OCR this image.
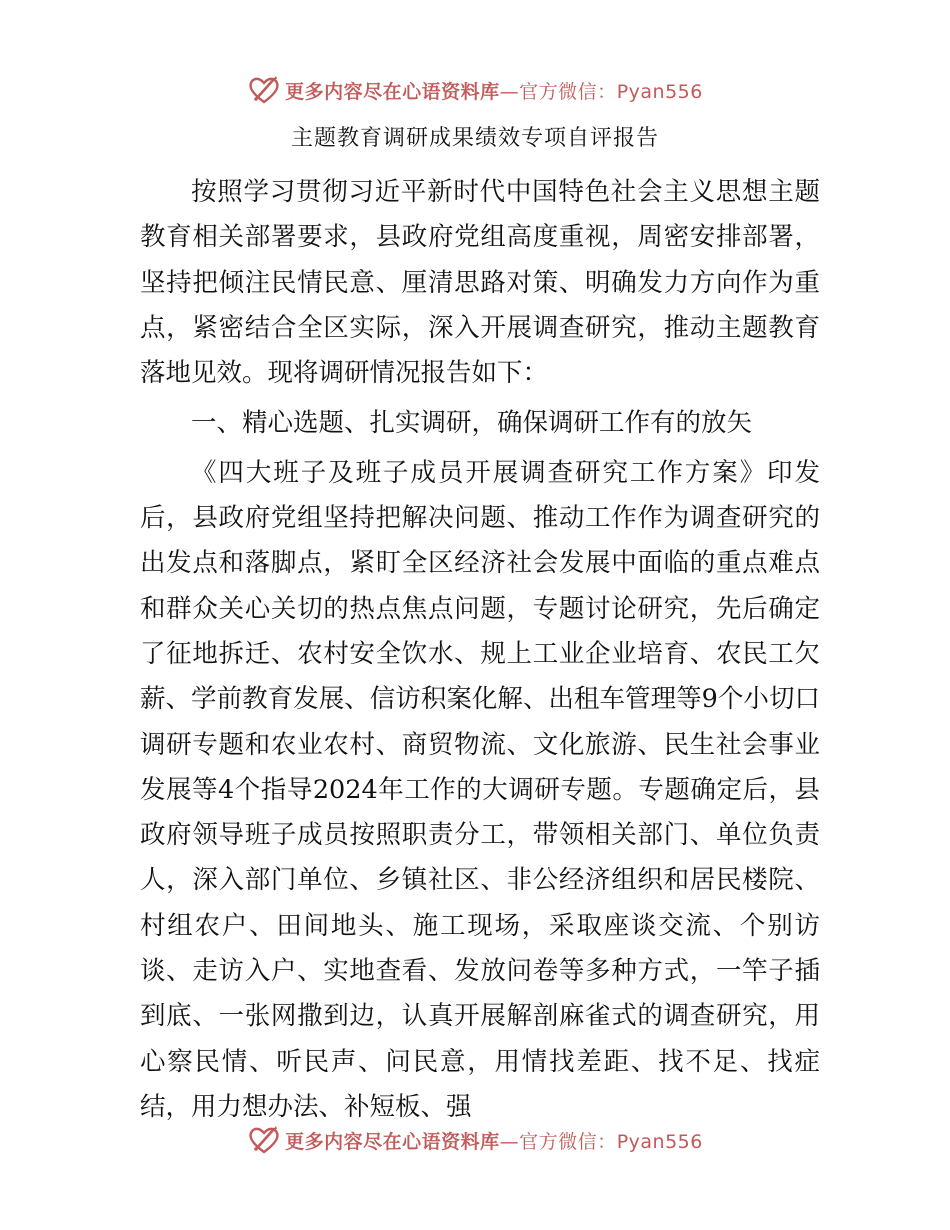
更多内容尽在心语资料库—官方微信：Pyan556
主题教育调研成果绩效专项自评报告

按照学习贯彻习近平新时代中国特色社会主义思想主题教育相关部署要求，县政府党组高度重视，周密安排部署，坚持把倾注民情民意、厘清思路对策、明确发力方向作为重点，紧密结合全区实际，深入开展调查研究，推动主题教育落地见效。现将调研情况报告如下：

一、精心选题、扎实调研，确保调研工作有的放矢

《四大班子及班子成员开展调查研究工作方案》印发后，县政府党组坚持把解决问题、推动工作作为调查研究的出发点和落脚点，紧盯全区经济社会发展中面临的重点难点和群众关心关切的热点焦点问题，专题讨论研究，先后确定了征地拆迁、农村安全饮水、规上工业企业培育、农民工欠薪、学前教育发展、信访积案化解、出租车管理等9个小切口调研专题和农业农村、商贸物流、文化旅游、民生社会事业发展等4个指导2024年工作的大调研专题。专题确定后，县政府领导班子成员按照职责分工，带领相关部门、单位负责人，深入部门单位、乡镇社区、非公经济组织和居民楼院、村组农户、田间地头、施工现场，采取座谈交流、个别访谈、走访入户、实地查看、发放问卷等多种方式，一竿子插到底、一张网撒到边，认真开展解剖麻雀式的调查研究，用心察民情、听民声、问民意，用情找差距、找不足、找症结，用力想办法、补短板、强

更多内容尽在心语资料库—官方微信：Pyan556
